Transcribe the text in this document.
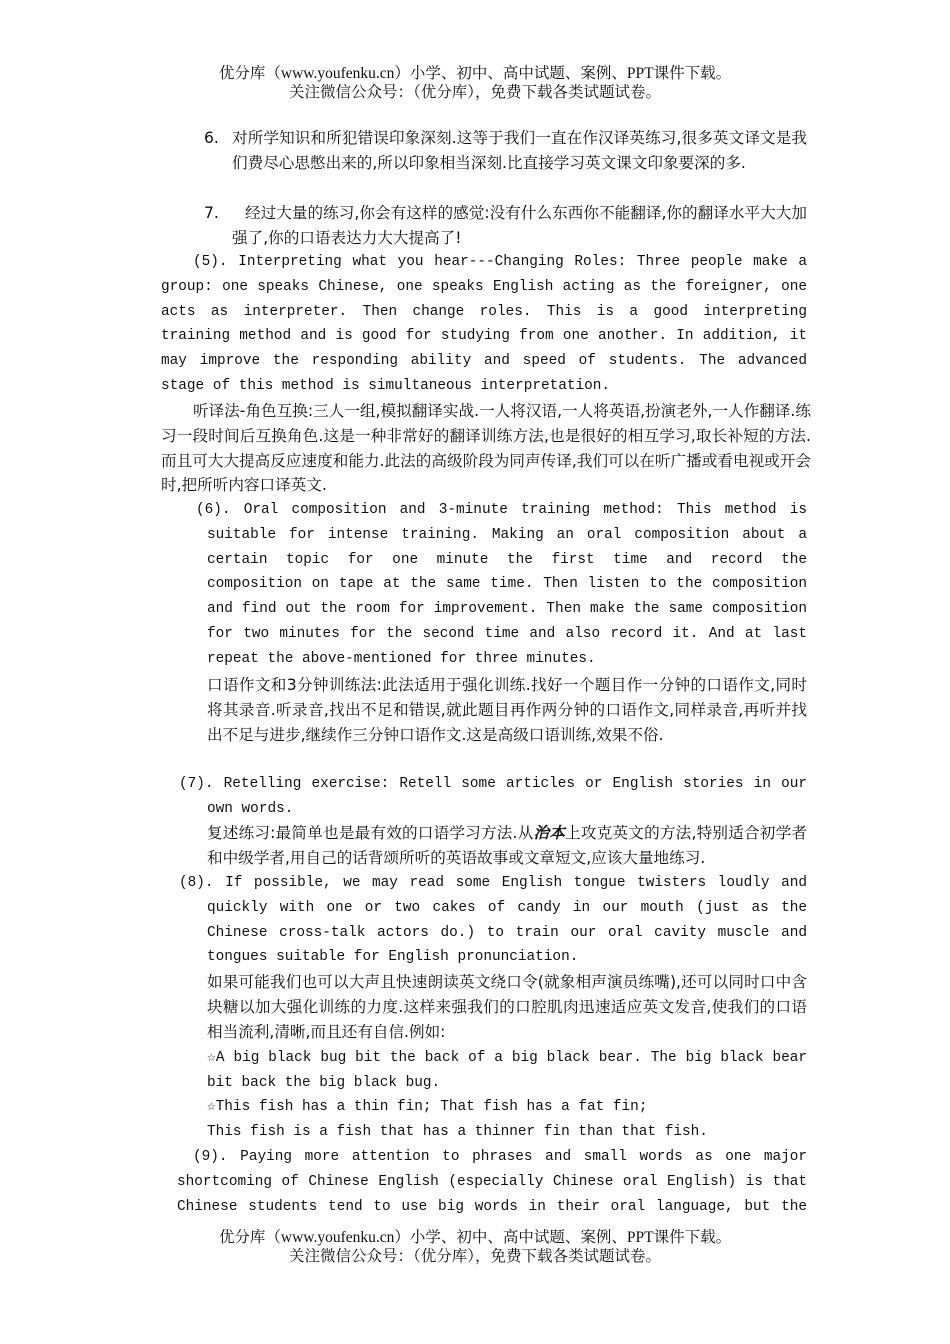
优分库（www.youfenku.cn）小学、初中、高中试题、案例、PPT课件下载。
关注微信公众号：（优分库），免费下载各类试题试卷。
6. 对所学知识和所犯错误印象深刻.这等于我们一直在作汉译英练习,很多英文译文是我们费尽心思憋出来的,所以印象相当深刻.比直接学习英文课文印象要深的多.

7.	经过大量的练习,你会有这样的感觉:没有什么东西你不能翻译,你的翻译水平大大加强了,你的口语表达力大大提高了!

(5). Interpreting what you hear---Changing Roles: Three people make a group: one speaks Chinese, one speaks English acting as the foreigner, one acts as interpreter. Then change roles. This is a good interpreting training method and is good for studying from one another. In addition, it may improve the responding ability and speed of students. The advanced stage of this method is simultaneous interpretation.

听译法-角色互换:三人一组,模拟翻译实战.一人将汉语,一人将英语,扮演老外,一人作翻译.练习一段时间后互换角色.这是一种非常好的翻译训练方法,也是很好的相互学习,取长补短的方法.而且可大大提高反应速度和能力.此法的高级阶段为同声传译,我们可以在听广播或看电视或开会时,把所听内容口译英文.

(6). Oral composition and 3-minute training method: This method is suitable for intense training. Making an oral composition about a certain topic for one minute the first time and record the composition on tape at the same time. Then listen to the composition and find out the room for improvement. Then make the same composition for two minutes for the second time and also record it. And at last repeat the above-mentioned for three minutes.

口语作文和3分钟训练法:此法适用于强化训练.找好一个题目作一分钟的口语作文,同时将其录音.听录音,找出不足和错误,就此题目再作两分钟的口语作文,同样录音,再听并找出不足与进步,继续作三分钟口语作文.这是高级口语训练,效果不俗.

(7). Retelling exercise: Retell some articles or English stories in our own words.

复述练习:最简单也是最有效的口语学习方法.从治本上攻克英文的方法,特别适合初学者和中级学者,用自己的话背颂所听的英语故事或文章短文,应该大量地练习.

(8). If possible, we may read some English tongue twisters loudly and quickly with one or two cakes of candy in our mouth (just as the Chinese cross-talk actors do.) to train our oral cavity muscle and tongues suitable for English pronunciation.

如果可能我们也可以大声且快速朗读英文绕口令(就象相声演员练嘴),还可以同时口中含块糖以加大强化训练的力度.这样来强我们的口腔肌肉迅速适应英文发音,使我们的口语相当流利,清晰,而且还有自信.例如:

☆A big black bug bit the back of a big black bear. The big black bear bit back the big black bug.

☆This fish has a thin fin; That fish has a fat fin;

This fish is a fish that has a thinner fin than that fish.

(9). Paying more attention to phrases and small words as one major shortcoming of Chinese English (especially Chinese oral English) is that Chinese students tend to use big words in their oral language, but the

优分库（www.youfenku.cn）小学、初中、高中试题、案例、PPT课件下载。
关注微信公众号：（优分库），免费下载各类试题试卷。
